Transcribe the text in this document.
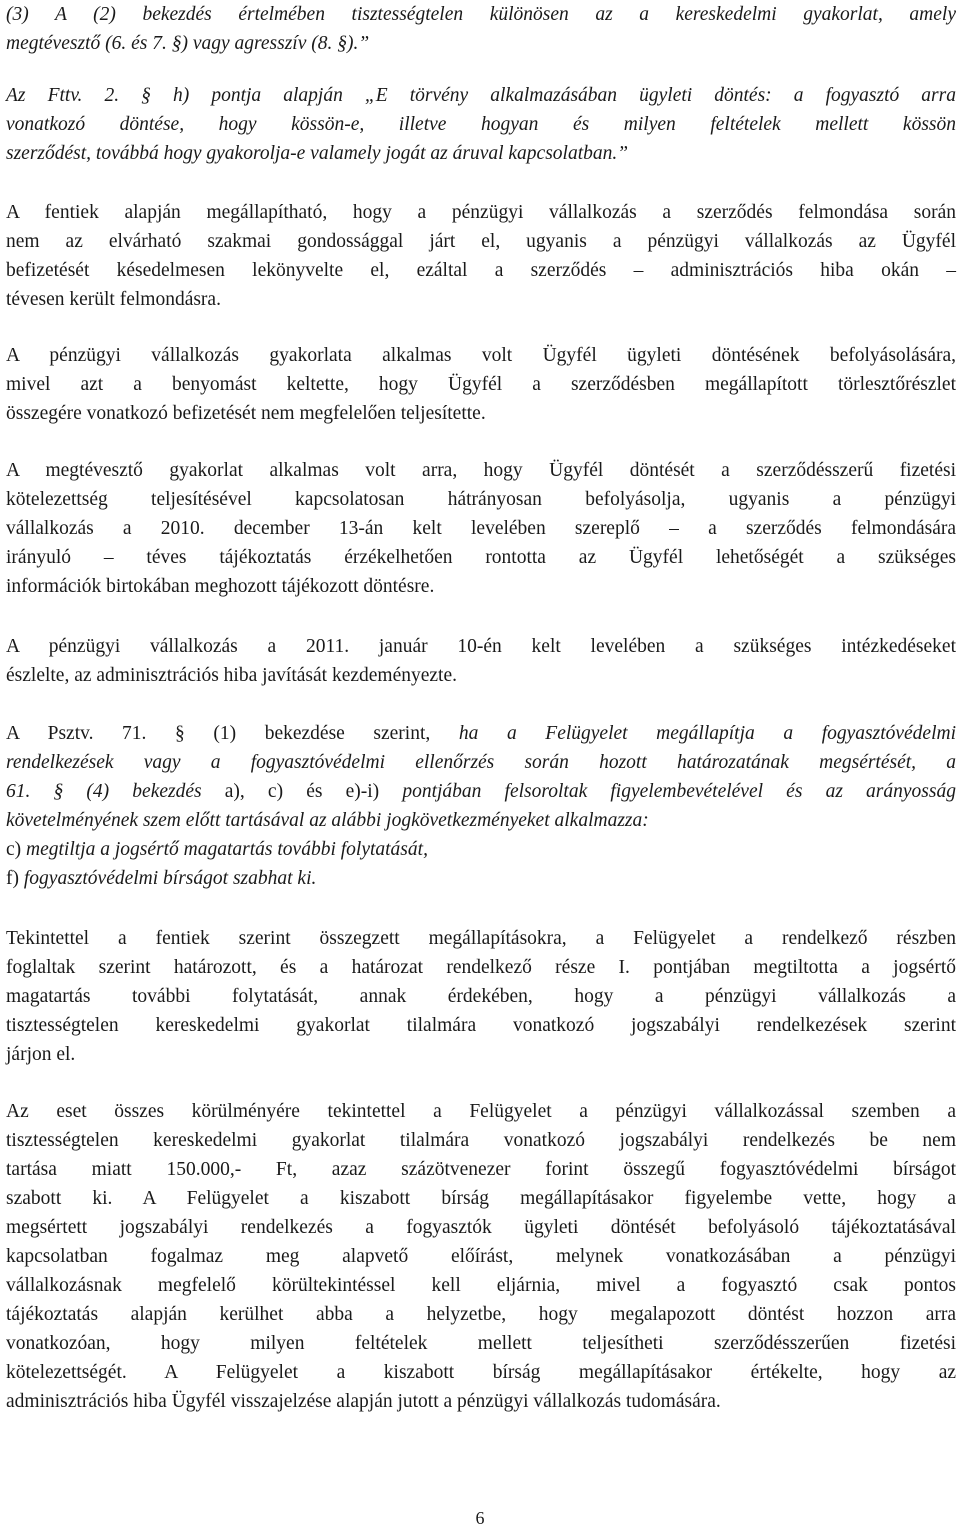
(3) A (2) bekezdés értelmében tisztességtelen különösen az a kereskedelmi gyakorlat, amely
megtévesztő (6. és 7. §) vagy agresszív (8. §).”
Az Fttv. 2. § h) pontja alapján „E törvény alkalmazásában ügyleti döntés: a fogyasztó arra
vonatkozó döntése, hogy kössön-e, illetve hogyan és milyen feltételek mellett kössön
szerződést, továbbá hogy gyakorolja-e valamely jogát az áruval kapcsolatban.”
A fentiek alapján megállapítható, hogy a pénzügyi vállalkozás a szerződés felmondása során
nem az elvárható szakmai gondossággal járt el, ugyanis a pénzügyi vállalkozás az Ügyfél
befizetését késedelmesen lekönyvelte el, ezáltal a szerződés – adminisztrációs hiba okán –
tévesen került felmondásra.
A pénzügyi vállalkozás gyakorlata alkalmas volt Ügyfél ügyleti döntésének befolyásolására,
mivel azt a benyomást keltette, hogy Ügyfél a szerződésben megállapított törlesztőrészlet
összegére vonatkozó befizetését nem megfelelően teljesítette.
A megtévesztő gyakorlat alkalmas volt arra, hogy Ügyfél döntését a szerződésszerű fizetési
kötelezettség teljesítésével kapcsolatosan hátrányosan befolyásolja, ugyanis a pénzügyi
vállalkozás a 2010. december 13-án kelt levelében szereplő – a szerződés felmondására
irányuló – téves tájékoztatás érzékelhetően rontotta az Ügyfél lehetőségét a szükséges
információk birtokában meghozott tájékozott döntésre.
A pénzügyi vállalkozás a 2011. január 10-én kelt levelében a szükséges intézkedéseket
észlelte, az adminisztrációs hiba javítását kezdeményezte.
A Psztv. 71. § (1) bekezdése szerint, ha a Felügyelet megállapítja a fogyasztóvédelmi
rendelkezések vagy a fogyasztóvédelmi ellenőrzés során hozott határozatának megsértését, a
61. § (4) bekezdés a), c) és e)-i) pontjában felsoroltak figyelembevételével és az arányosság
követelményének szem előtt tartásával az alábbi jogkövetkezményeket alkalmazza:
c) megtiltja a jogsértő magatartás további folytatását,
f) fogyasztóvédelmi bírságot szabhat ki.
Tekintettel a fentiek szerint összegzett megállapításokra, a Felügyelet a rendelkező részben
foglaltak szerint határozott, és a határozat rendelkező része I. pontjában megtiltotta a jogsértő
magatartás további folytatását, annak érdekében, hogy a pénzügyi vállalkozás a
tisztességtelen kereskedelmi gyakorlat tilalmára vonatkozó jogszabályi rendelkezések szerint
járjon el.
Az eset összes körülményére tekintettel a Felügyelet a pénzügyi vállalkozással szemben a
tisztességtelen kereskedelmi gyakorlat tilalmára vonatkozó jogszabályi rendelkezés be nem
tartása miatt 150.000,- Ft, azaz százötvenezer forint összegű fogyasztóvédelmi bírságot
szabott ki. A Felügyelet a kiszabott bírság megállapításakor figyelembe vette, hogy a
megsértett jogszabályi rendelkezés a fogyasztók ügyleti döntését befolyásoló tájékoztatásával
kapcsolatban fogalmaz meg alapvető előírást, melynek vonatkozásában a pénzügyi
vállalkozásnak megfelelő körültekintéssel kell eljárnia, mivel a fogyasztó csak pontos
tájékoztatás alapján kerülhet abba a helyzetbe, hogy megalapozott döntést hozzon arra
vonatkozóan, hogy milyen feltételek mellett teljesítheti szerződésszerűen fizetési
kötelezettségét. A Felügyelet a kiszabott bírság megállapításakor értékelte, hogy az
adminisztrációs hiba Ügyfél visszajelzése alapján jutott a pénzügyi vállalkozás tudomására.
6
